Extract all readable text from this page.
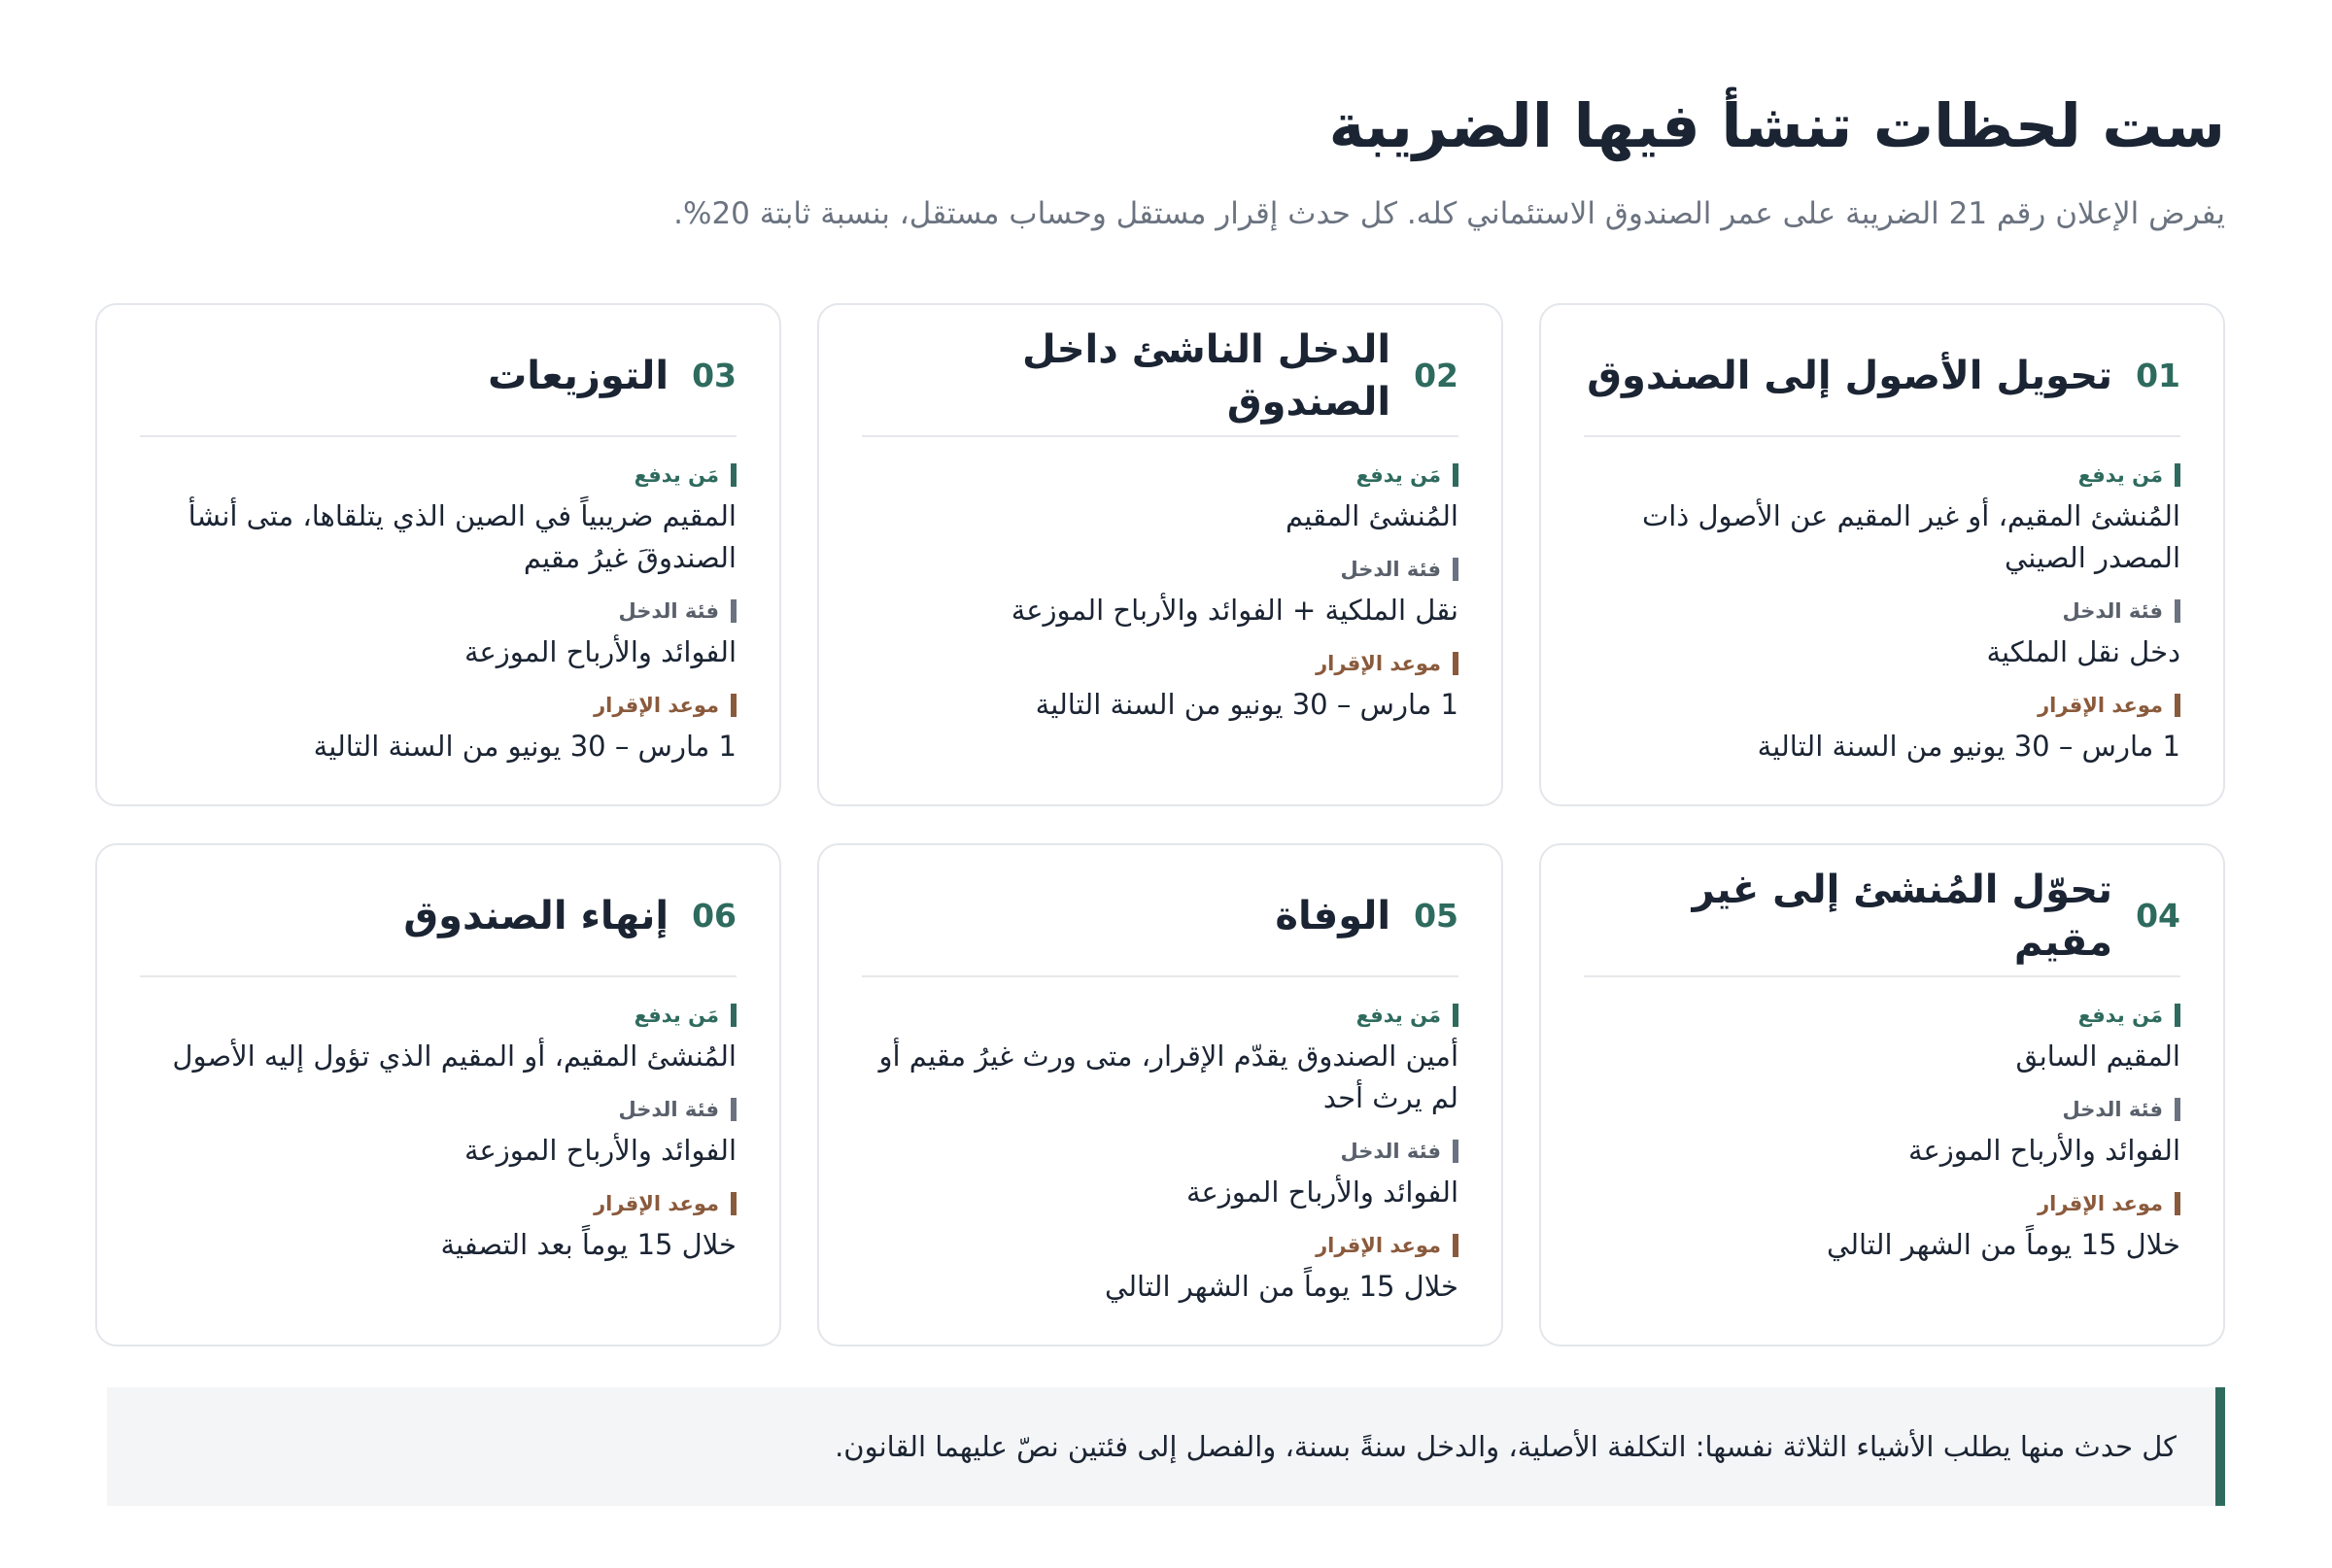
ست لحظات تنشأ فيها الضريبة

يفرض الإعلان رقم 21 الضريبة على عمر الصندوق الاستئماني كله. كل حدث إقرار مستقل وحساب مستقل، بنسبة ثابتة 20%.

01
تحويل الأصول إلى الصندوق
مَن يدفع
المُنشئ المقيم، أو غير المقيم عن الأصول ذات المصدر الصيني
فئة الدخل
دخل نقل الملكية
موعد الإقرار
1 مارس – 30 يونيو من السنة التالية
02
الدخل الناشئ داخل الصندوق
مَن يدفع
المُنشئ المقيم
فئة الدخل
نقل الملكية + الفوائد والأرباح الموزعة
موعد الإقرار
1 مارس – 30 يونيو من السنة التالية
03
التوزيعات
مَن يدفع
المقيم ضريبياً في الصين الذي يتلقاها، متى أنشأ الصندوقَ غيرُ مقيم
فئة الدخل
الفوائد والأرباح الموزعة
موعد الإقرار
1 مارس – 30 يونيو من السنة التالية
04
تحوّل المُنشئ إلى غير مقيم
مَن يدفع
المقيم السابق
فئة الدخل
الفوائد والأرباح الموزعة
موعد الإقرار
خلال 15 يوماً من الشهر التالي
05
الوفاة
مَن يدفع
أمين الصندوق يقدّم الإقرار، متى ورث غيرُ مقيم أو لم يرث أحد
فئة الدخل
الفوائد والأرباح الموزعة
موعد الإقرار
خلال 15 يوماً من الشهر التالي
06
إنهاء الصندوق
مَن يدفع
المُنشئ المقيم، أو المقيم الذي تؤول إليه الأصول
فئة الدخل
الفوائد والأرباح الموزعة
موعد الإقرار
خلال 15 يوماً بعد التصفية

كل حدث منها يطلب الأشياء الثلاثة نفسها: التكلفة الأصلية، والدخل سنةً بسنة، والفصل إلى فئتين نصّ عليهما القانون.
